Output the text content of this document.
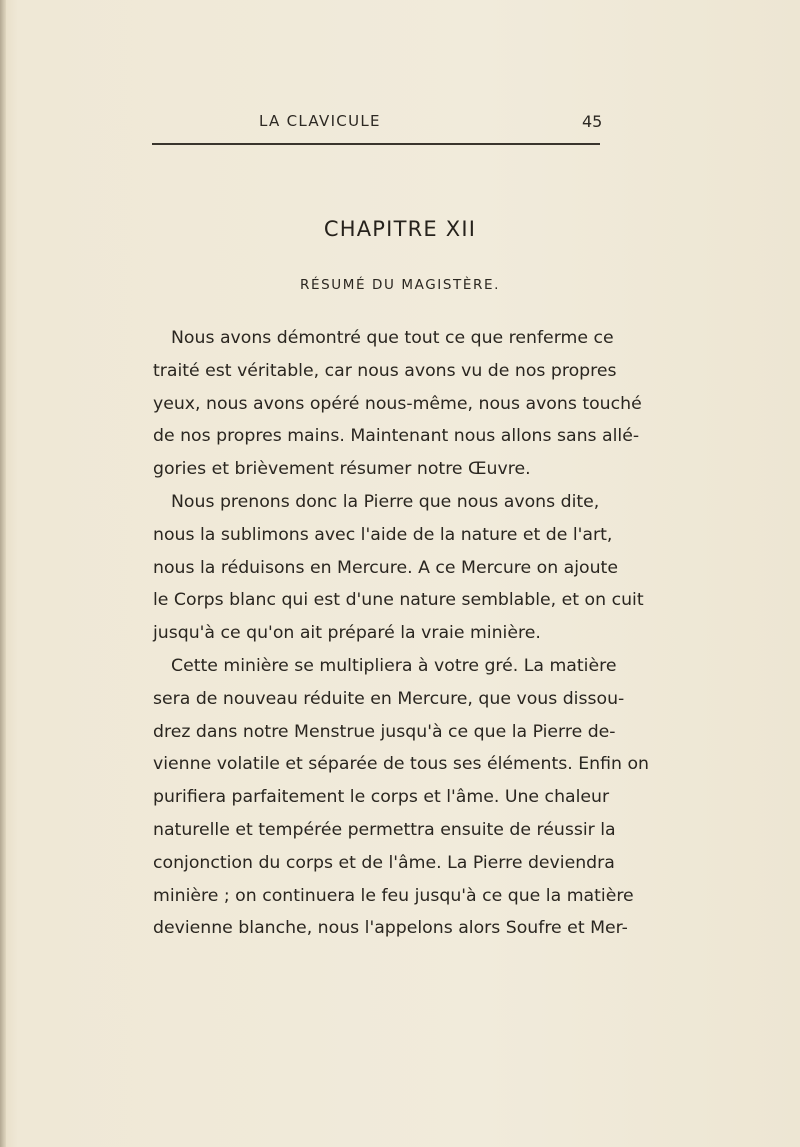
LA CLAVICULE	45
CHAPITRE XII
RÉSUMÉ DU MAGISTÈRE.
Nous avons démontré que tout ce que renferme ce
traité est véritable, car nous avons vu de nos propres
yeux, nous avons opéré nous-même, nous avons touché
de nos propres mains. Maintenant nous allons sans allé-
gories et brièvement résumer notre Œuvre.
Nous prenons donc la Pierre que nous avons dite,
nous la sublimons avec l'aide de la nature et de l'art,
nous la réduisons en Mercure. A ce Mercure on ajoute
le Corps blanc qui est d'une nature semblable, et on cuit
jusqu'à ce qu'on ait préparé la vraie minière.
Cette minière se multipliera à votre gré. La matière
sera de nouveau réduite en Mercure, que vous dissou-
drez dans notre Menstrue jusqu'à ce que la Pierre de-
vienne volatile et séparée de tous ses éléments. Enfin on
purifiera parfaitement le corps et l'âme. Une chaleur
naturelle et tempérée permettra ensuite de réussir la
conjonction du corps et de l'âme. La Pierre deviendra
minière ; on continuera le feu jusqu'à ce que la matière
devienne blanche, nous l'appelons alors Soufre et Mer-
